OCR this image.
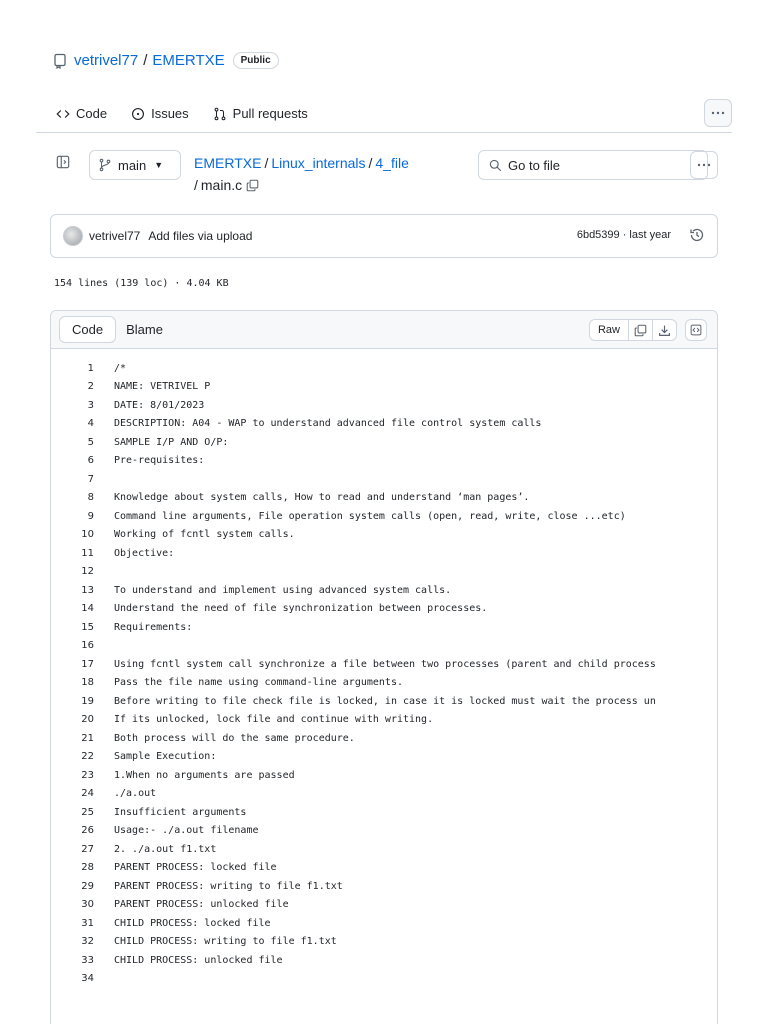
vetrivel77 / EMERTXE	Public
Code	Issues	Pull requests
main ▼ EMERTXE / Linux_internals / 4_file

/ main.c
Go to file
vetrivel77 Add files via upload	6bd5399 · last year
154 lines (139 loc) · 4.04 KB
Code	Blame	Raw
1	/*
2	NAME: VETRIVEL P
3	DATE: 8/01/2023
4	DESCRIPTION: A04 - WAP to understand advanced file control system calls
5	SAMPLE I/P AND O/P:
6	Pre-requisites:
7
8	Knowledge about system calls, How to read and understand ‘man pages’.
9	Command line arguments, File operation system calls (open, read, write, close ...etc)
10	Working of fcntl system calls.
11	Objective:
12
13	To understand and implement using advanced system calls.
14	Understand the need of file synchronization between processes.
15	Requirements:
16
17	Using fcntl system call synchronize a file between two processes (parent and child process
18	Pass the file name using command-line arguments.
19	Before writing to file check file is locked, in case it is locked must wait the process un
20	If its unlocked, lock file and continue with writing.
21	Both process will do the same procedure.
22	Sample Execution:
23	1.When no arguments are passed
24	./a.out
25	Insufficient arguments
26	Usage:- ./a.out filename
27	2. ./a.out f1.txt
28	PARENT PROCESS: locked file
29	PARENT PROCESS: writing to file f1.txt
30	PARENT PROCESS: unlocked file
31	CHILD PROCESS: locked file
32	CHILD PROCESS: writing to file f1.txt
33	CHILD PROCESS: unlocked file
34
